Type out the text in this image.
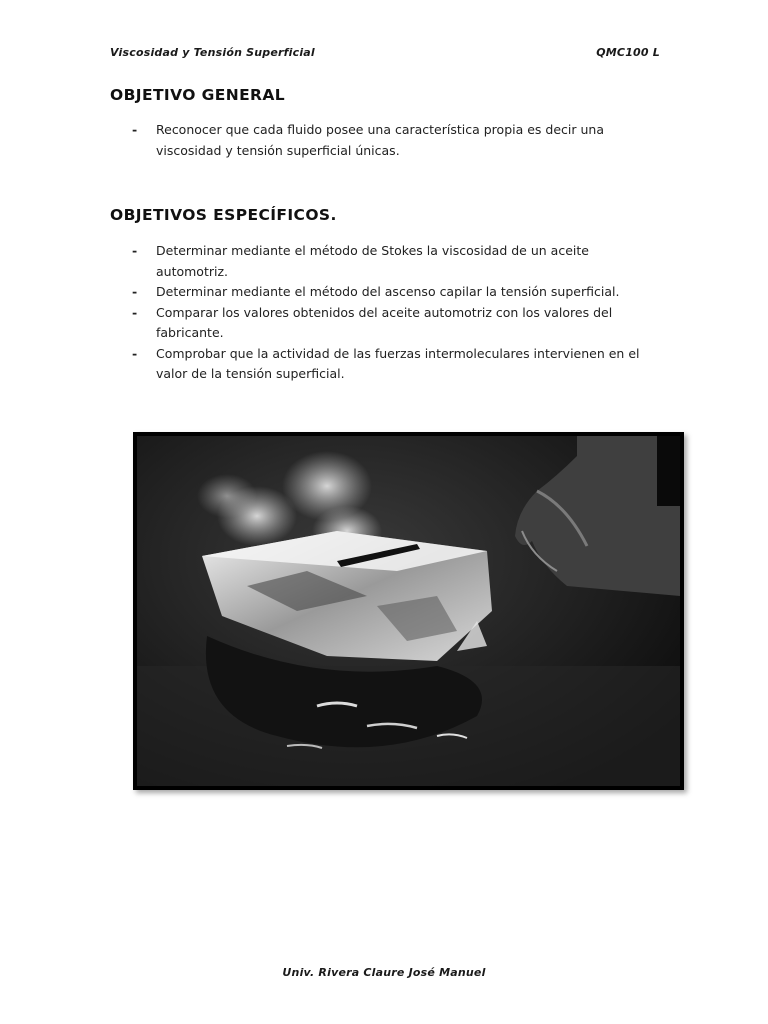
Viscosidad y Tensión Superficial	QMC100 L
OBJETIVO GENERAL
-	Reconocer que cada fluido posee una característica propia es decir una viscosidad y tensión superficial únicas.
OBJETIVOS ESPECÍFICOS.
-	Determinar mediante el método de Stokes la viscosidad de un aceite automotriz.
-	Determinar mediante el método del ascenso capilar la tensión superficial.
-	Comparar los valores obtenidos del aceite automotriz con los valores del fabricante.
-	Comprobar que la actividad de las fuerzas intermoleculares intervienen en el valor de la tensión superficial.
Univ. Rivera Claure José Manuel
